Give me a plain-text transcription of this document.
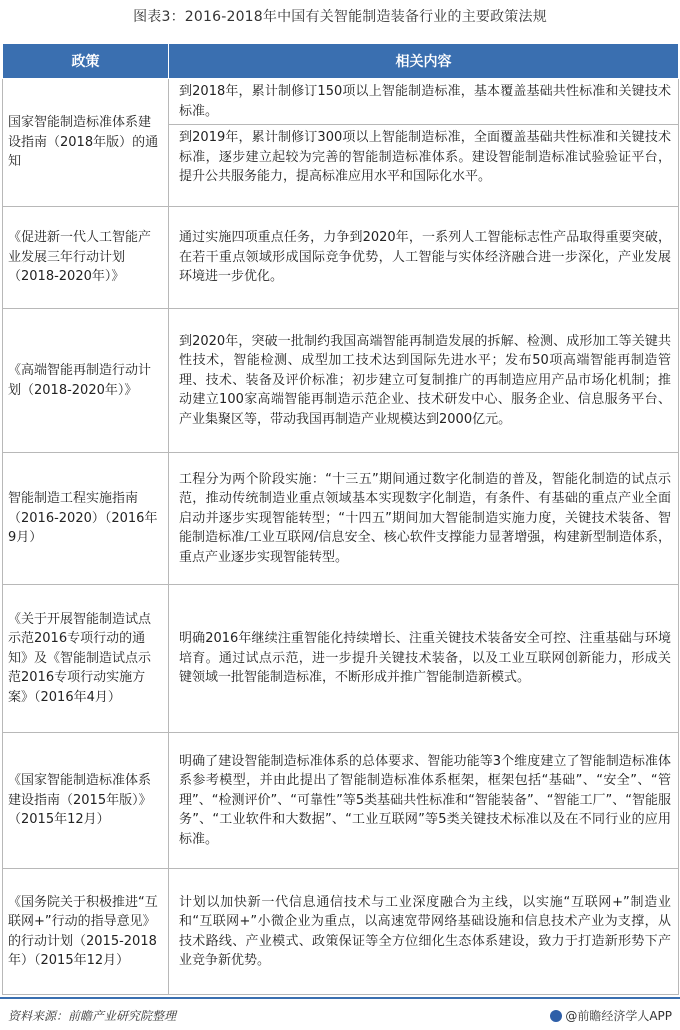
图表3：2016-2018年中国有关智能制造装备行业的主要政策法规
政策	相关内容
国家智能制造标准体系建设指南（2018年版）的通知	到2018年，累计制修订150项以上智能制造标准，基本覆盖基础共性标准和关键技术标准。
	到2019年，累计制修订300项以上智能制造标准，全面覆盖基础共性标准和关键技术标准，逐步建立起较为完善的智能制造标准体系。建设智能制造标准试验验证平台，提升公共服务能力，提高标准应用水平和国际化水平。
《促进新一代人工智能产业发展三年行动计划（2018-2020年）》	通过实施四项重点任务，力争到2020年，一系列人工智能标志性产品取得重要突破，在若干重点领域形成国际竞争优势，人工智能与实体经济融合进一步深化，产业发展环境进一步优化。
《高端智能再制造行动计划（2018-2020年）》	到2020年，突破一批制约我国高端智能再制造发展的拆解、检测、成形加工等关键共性技术，智能检测、成型加工技术达到国际先进水平；发布50项高端智能再制造管理、技术、装备及评价标准；初步建立可复制推广的再制造应用产品市场化机制；推动建立100家高端智能再制造示范企业、技术研发中心、服务企业、信息服务平台、产业集聚区等，带动我国再制造产业规模达到2000亿元。
智能制造工程实施指南（2016-2020）（2016年9月）	工程分为两个阶段实施：“十三五”期间通过数字化制造的普及，智能化制造的试点示范，推动传统制造业重点领域基本实现数字化制造，有条件、有基础的重点产业全面启动并逐步实现智能转型；“十四五”期间加大智能制造实施力度，关键技术装备、智能制造标准/工业互联网/信息安全、核心软件支撑能力显著增强，构建新型制造体系，重点产业逐步实现智能转型。
《关于开展智能制造试点示范2016专项行动的通知》及《智能制造试点示范2016专项行动实施方案》（2016年4月）	明确2016年继续注重智能化持续增长、注重关键技术装备安全可控、注重基础与环境培育。通过试点示范，进一步提升关键技术装备，以及工业互联网创新能力，形成关键领域一批智能制造标准，不断形成并推广智能制造新模式。
《国家智能制造标准体系建设指南（2015年版）》（2015年12月）	明确了建设智能制造标准体系的总体要求、智能功能等3个维度建立了智能制造标准体系参考模型，并由此提出了智能制造标准体系框架，框架包括“基础”、“安全”、“管理”、“检测评价”、“可靠性”等5类基础共性标准和“智能装备”、“智能工厂”、“智能服务”、“工业软件和大数据”、“工业互联网”等5类关键技术标准以及在不同行业的应用标准。
《国务院关于积极推进“互联网+”行动的指导意见》的行动计划（2015-2018年）（2015年12月）	计划以加快新一代信息通信技术与工业深度融合为主线，以实施“互联网+”制造业和“互联网+”小微企业为重点，以高速宽带网络基础设施和信息技术产业为支撑，从技术路线、产业模式、政策保证等全方位细化生态体系建设，致力于打造新形势下产业竞争新优势。
资料来源：前瞻产业研究院整理	@前瞻经济学人APP
